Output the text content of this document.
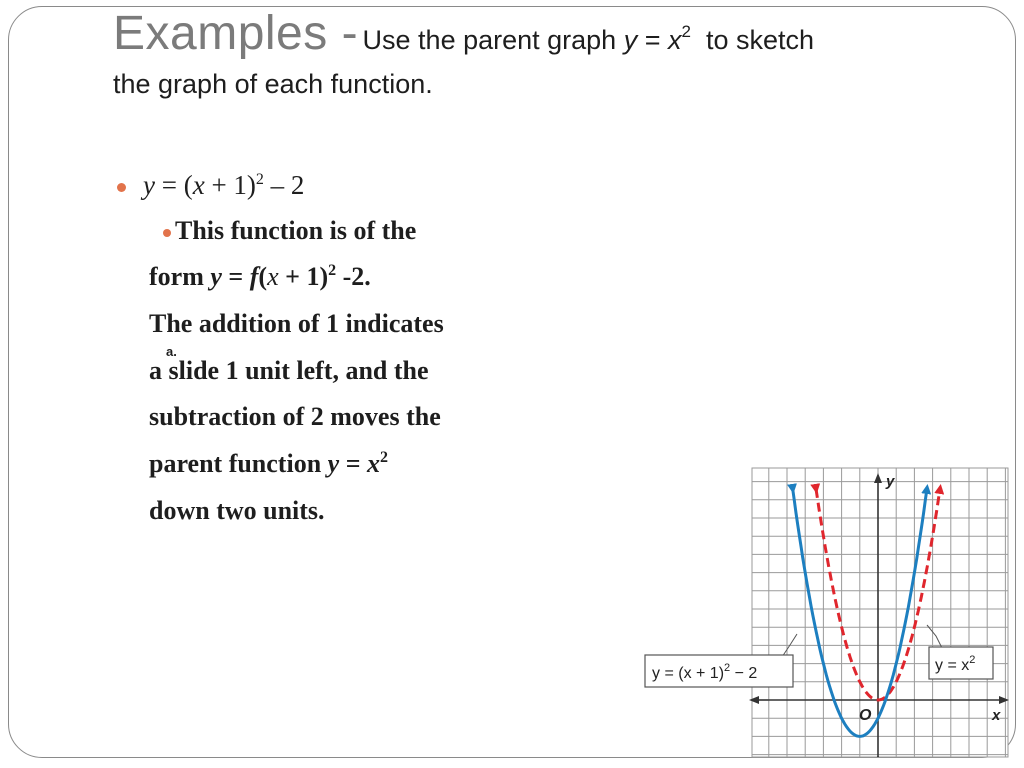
Examples - Use the parent graph $y = x^2$ to sketch
the graph of each function.
$y = (x + 1)^2 - 2$
This function is of the
form $y = f(x + 1)^2$ -2.
The addition of 1 indicates
a slide 1 unit left, and the
subtraction of 2 moves the
parent function $y = x^2$
down two units.
a.
y
x
O
$y = (x + 1)^2 - 2$	$y = x^2$
